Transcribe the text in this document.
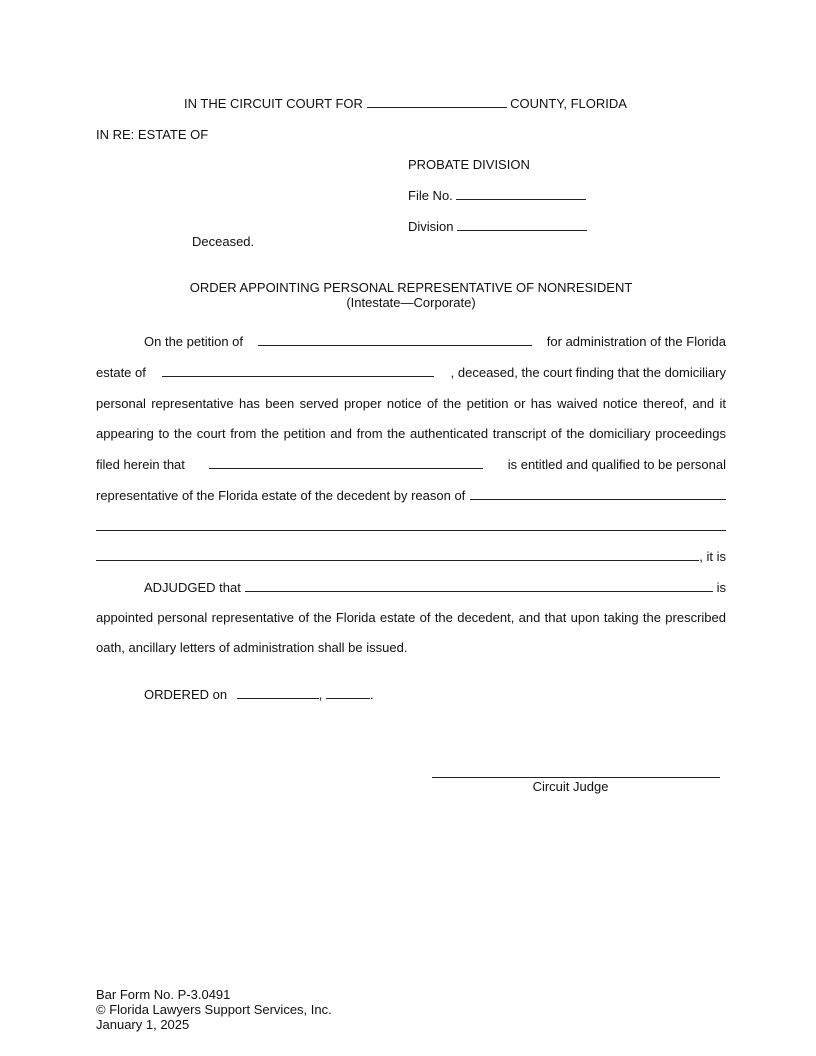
IN THE CIRCUIT COURT FOR	COUNTY, FLORIDA
IN RE: ESTATE OF
PROBATE DIVISION
File No.
Division
Deceased.
ORDER APPOINTING PERSONAL REPRESENTATIVE OF NONRESIDENT
(Intestate—Corporate)
On the petition of	for administration of the Florida
estate of	, deceased, the court finding that the domiciliary
personal representative has been served proper notice of the petition or has waived notice thereof, and it
appearing to the court from the petition and from the authenticated transcript of the domiciliary proceedings
filed herein that	is entitled and qualified to be personal
representative of the Florida estate of the decedent by reason of
, it is
ADJUDGED that	is
appointed personal representative of the Florida estate of the decedent, and that upon taking the prescribed
oath, ancillary letters of administration shall be issued.
ORDERED on	,	.
Circuit Judge
Bar Form No. P-3.0491
© Florida Lawyers Support Services, Inc.
January 1, 2025
